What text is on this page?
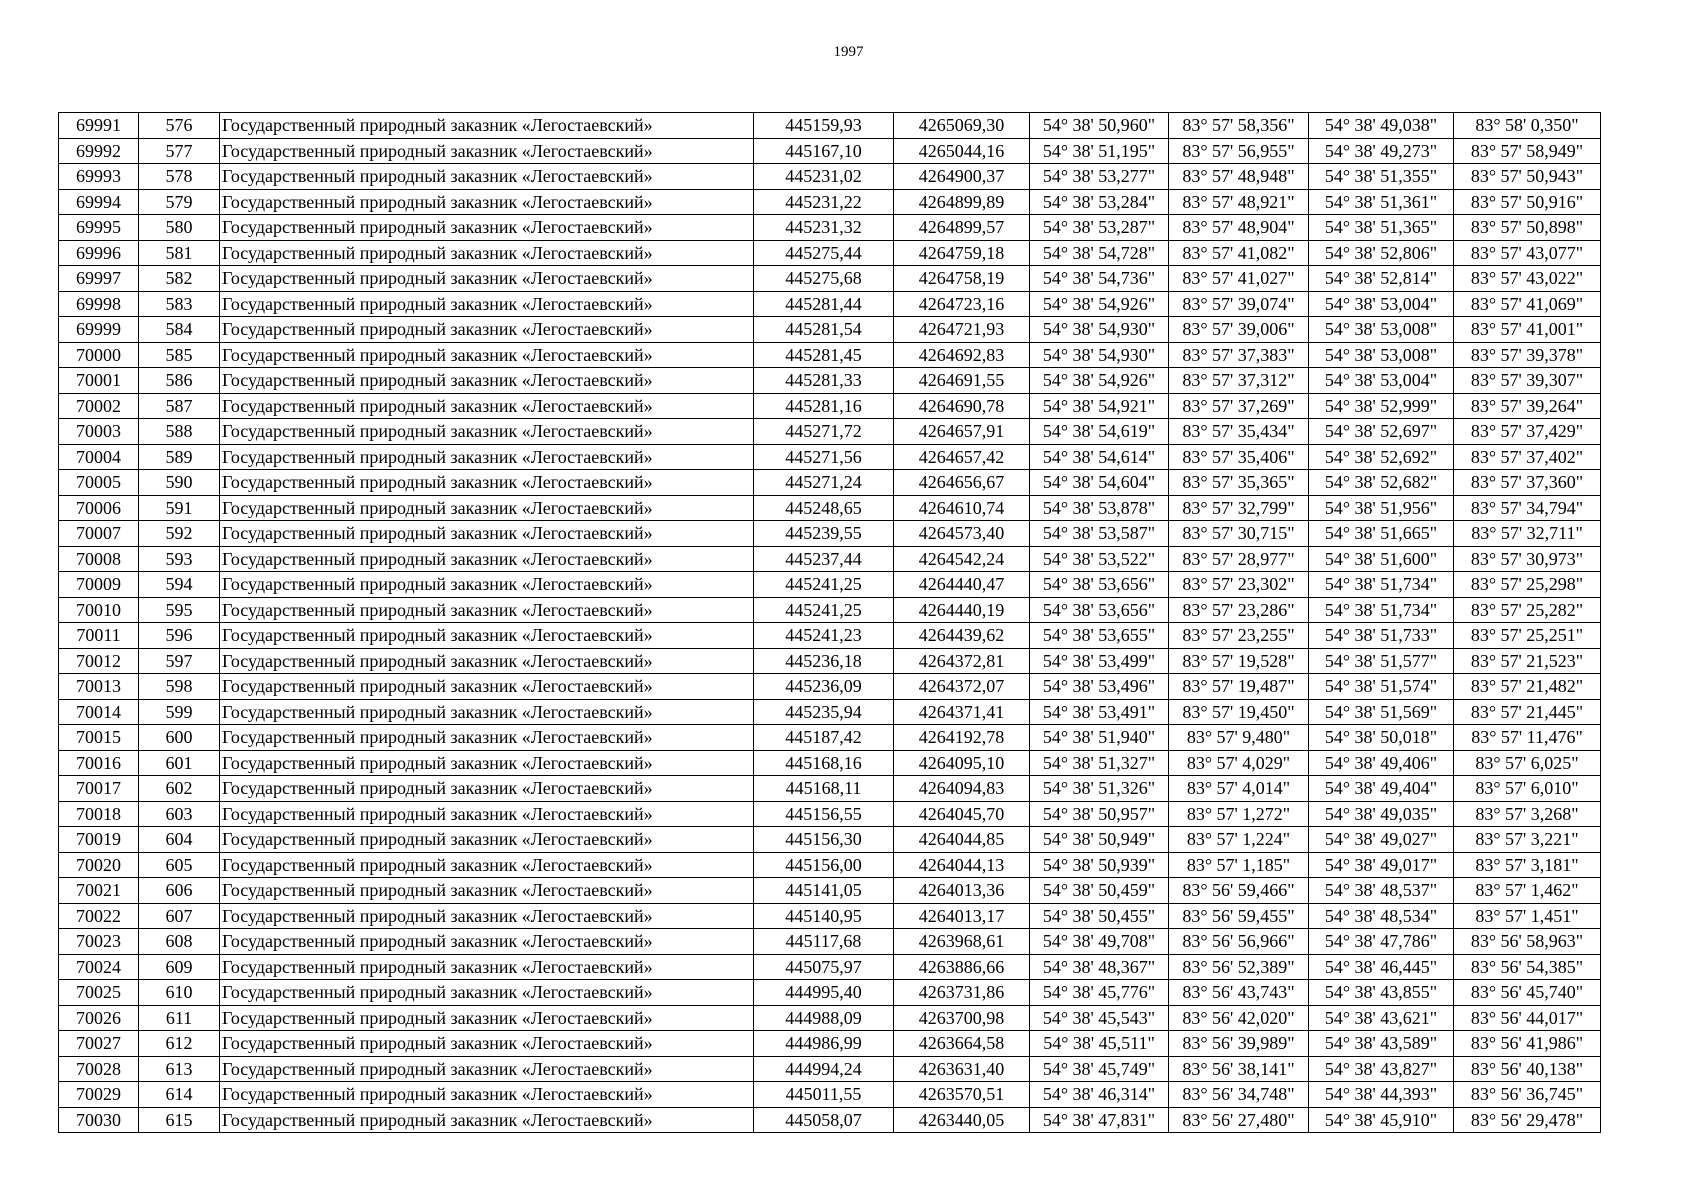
1997
69991	576	Государственный природный заказник «Легостаевский»	445159,93	4265069,30	54° 38' 50,960"	83° 57' 58,356"	54° 38' 49,038"	83° 58' 0,350"
69992	577	Государственный природный заказник «Легостаевский»	445167,10	4265044,16	54° 38' 51,195"	83° 57' 56,955"	54° 38' 49,273"	83° 57' 58,949"
69993	578	Государственный природный заказник «Легостаевский»	445231,02	4264900,37	54° 38' 53,277"	83° 57' 48,948"	54° 38' 51,355"	83° 57' 50,943"
69994	579	Государственный природный заказник «Легостаевский»	445231,22	4264899,89	54° 38' 53,284"	83° 57' 48,921"	54° 38' 51,361"	83° 57' 50,916"
69995	580	Государственный природный заказник «Легостаевский»	445231,32	4264899,57	54° 38' 53,287"	83° 57' 48,904"	54° 38' 51,365"	83° 57' 50,898"
69996	581	Государственный природный заказник «Легостаевский»	445275,44	4264759,18	54° 38' 54,728"	83° 57' 41,082"	54° 38' 52,806"	83° 57' 43,077"
69997	582	Государственный природный заказник «Легостаевский»	445275,68	4264758,19	54° 38' 54,736"	83° 57' 41,027"	54° 38' 52,814"	83° 57' 43,022"
69998	583	Государственный природный заказник «Легостаевский»	445281,44	4264723,16	54° 38' 54,926"	83° 57' 39,074"	54° 38' 53,004"	83° 57' 41,069"
69999	584	Государственный природный заказник «Легостаевский»	445281,54	4264721,93	54° 38' 54,930"	83° 57' 39,006"	54° 38' 53,008"	83° 57' 41,001"
70000	585	Государственный природный заказник «Легостаевский»	445281,45	4264692,83	54° 38' 54,930"	83° 57' 37,383"	54° 38' 53,008"	83° 57' 39,378"
70001	586	Государственный природный заказник «Легостаевский»	445281,33	4264691,55	54° 38' 54,926"	83° 57' 37,312"	54° 38' 53,004"	83° 57' 39,307"
70002	587	Государственный природный заказник «Легостаевский»	445281,16	4264690,78	54° 38' 54,921"	83° 57' 37,269"	54° 38' 52,999"	83° 57' 39,264"
70003	588	Государственный природный заказник «Легостаевский»	445271,72	4264657,91	54° 38' 54,619"	83° 57' 35,434"	54° 38' 52,697"	83° 57' 37,429"
70004	589	Государственный природный заказник «Легостаевский»	445271,56	4264657,42	54° 38' 54,614"	83° 57' 35,406"	54° 38' 52,692"	83° 57' 37,402"
70005	590	Государственный природный заказник «Легостаевский»	445271,24	4264656,67	54° 38' 54,604"	83° 57' 35,365"	54° 38' 52,682"	83° 57' 37,360"
70006	591	Государственный природный заказник «Легостаевский»	445248,65	4264610,74	54° 38' 53,878"	83° 57' 32,799"	54° 38' 51,956"	83° 57' 34,794"
70007	592	Государственный природный заказник «Легостаевский»	445239,55	4264573,40	54° 38' 53,587"	83° 57' 30,715"	54° 38' 51,665"	83° 57' 32,711"
70008	593	Государственный природный заказник «Легостаевский»	445237,44	4264542,24	54° 38' 53,522"	83° 57' 28,977"	54° 38' 51,600"	83° 57' 30,973"
70009	594	Государственный природный заказник «Легостаевский»	445241,25	4264440,47	54° 38' 53,656"	83° 57' 23,302"	54° 38' 51,734"	83° 57' 25,298"
70010	595	Государственный природный заказник «Легостаевский»	445241,25	4264440,19	54° 38' 53,656"	83° 57' 23,286"	54° 38' 51,734"	83° 57' 25,282"
70011	596	Государственный природный заказник «Легостаевский»	445241,23	4264439,62	54° 38' 53,655"	83° 57' 23,255"	54° 38' 51,733"	83° 57' 25,251"
70012	597	Государственный природный заказник «Легостаевский»	445236,18	4264372,81	54° 38' 53,499"	83° 57' 19,528"	54° 38' 51,577"	83° 57' 21,523"
70013	598	Государственный природный заказник «Легостаевский»	445236,09	4264372,07	54° 38' 53,496"	83° 57' 19,487"	54° 38' 51,574"	83° 57' 21,482"
70014	599	Государственный природный заказник «Легостаевский»	445235,94	4264371,41	54° 38' 53,491"	83° 57' 19,450"	54° 38' 51,569"	83° 57' 21,445"
70015	600	Государственный природный заказник «Легостаевский»	445187,42	4264192,78	54° 38' 51,940"	83° 57' 9,480"	54° 38' 50,018"	83° 57' 11,476"
70016	601	Государственный природный заказник «Легостаевский»	445168,16	4264095,10	54° 38' 51,327"	83° 57' 4,029"	54° 38' 49,406"	83° 57' 6,025"
70017	602	Государственный природный заказник «Легостаевский»	445168,11	4264094,83	54° 38' 51,326"	83° 57' 4,014"	54° 38' 49,404"	83° 57' 6,010"
70018	603	Государственный природный заказник «Легостаевский»	445156,55	4264045,70	54° 38' 50,957"	83° 57' 1,272"	54° 38' 49,035"	83° 57' 3,268"
70019	604	Государственный природный заказник «Легостаевский»	445156,30	4264044,85	54° 38' 50,949"	83° 57' 1,224"	54° 38' 49,027"	83° 57' 3,221"
70020	605	Государственный природный заказник «Легостаевский»	445156,00	4264044,13	54° 38' 50,939"	83° 57' 1,185"	54° 38' 49,017"	83° 57' 3,181"
70021	606	Государственный природный заказник «Легостаевский»	445141,05	4264013,36	54° 38' 50,459"	83° 56' 59,466"	54° 38' 48,537"	83° 57' 1,462"
70022	607	Государственный природный заказник «Легостаевский»	445140,95	4264013,17	54° 38' 50,455"	83° 56' 59,455"	54° 38' 48,534"	83° 57' 1,451"
70023	608	Государственный природный заказник «Легостаевский»	445117,68	4263968,61	54° 38' 49,708"	83° 56' 56,966"	54° 38' 47,786"	83° 56' 58,963"
70024	609	Государственный природный заказник «Легостаевский»	445075,97	4263886,66	54° 38' 48,367"	83° 56' 52,389"	54° 38' 46,445"	83° 56' 54,385"
70025	610	Государственный природный заказник «Легостаевский»	444995,40	4263731,86	54° 38' 45,776"	83° 56' 43,743"	54° 38' 43,855"	83° 56' 45,740"
70026	611	Государственный природный заказник «Легостаевский»	444988,09	4263700,98	54° 38' 45,543"	83° 56' 42,020"	54° 38' 43,621"	83° 56' 44,017"
70027	612	Государственный природный заказник «Легостаевский»	444986,99	4263664,58	54° 38' 45,511"	83° 56' 39,989"	54° 38' 43,589"	83° 56' 41,986"
70028	613	Государственный природный заказник «Легостаевский»	444994,24	4263631,40	54° 38' 45,749"	83° 56' 38,141"	54° 38' 43,827"	83° 56' 40,138"
70029	614	Государственный природный заказник «Легостаевский»	445011,55	4263570,51	54° 38' 46,314"	83° 56' 34,748"	54° 38' 44,393"	83° 56' 36,745"
70030	615	Государственный природный заказник «Легостаевский»	445058,07	4263440,05	54° 38' 47,831"	83° 56' 27,480"	54° 38' 45,910"	83° 56' 29,478"
